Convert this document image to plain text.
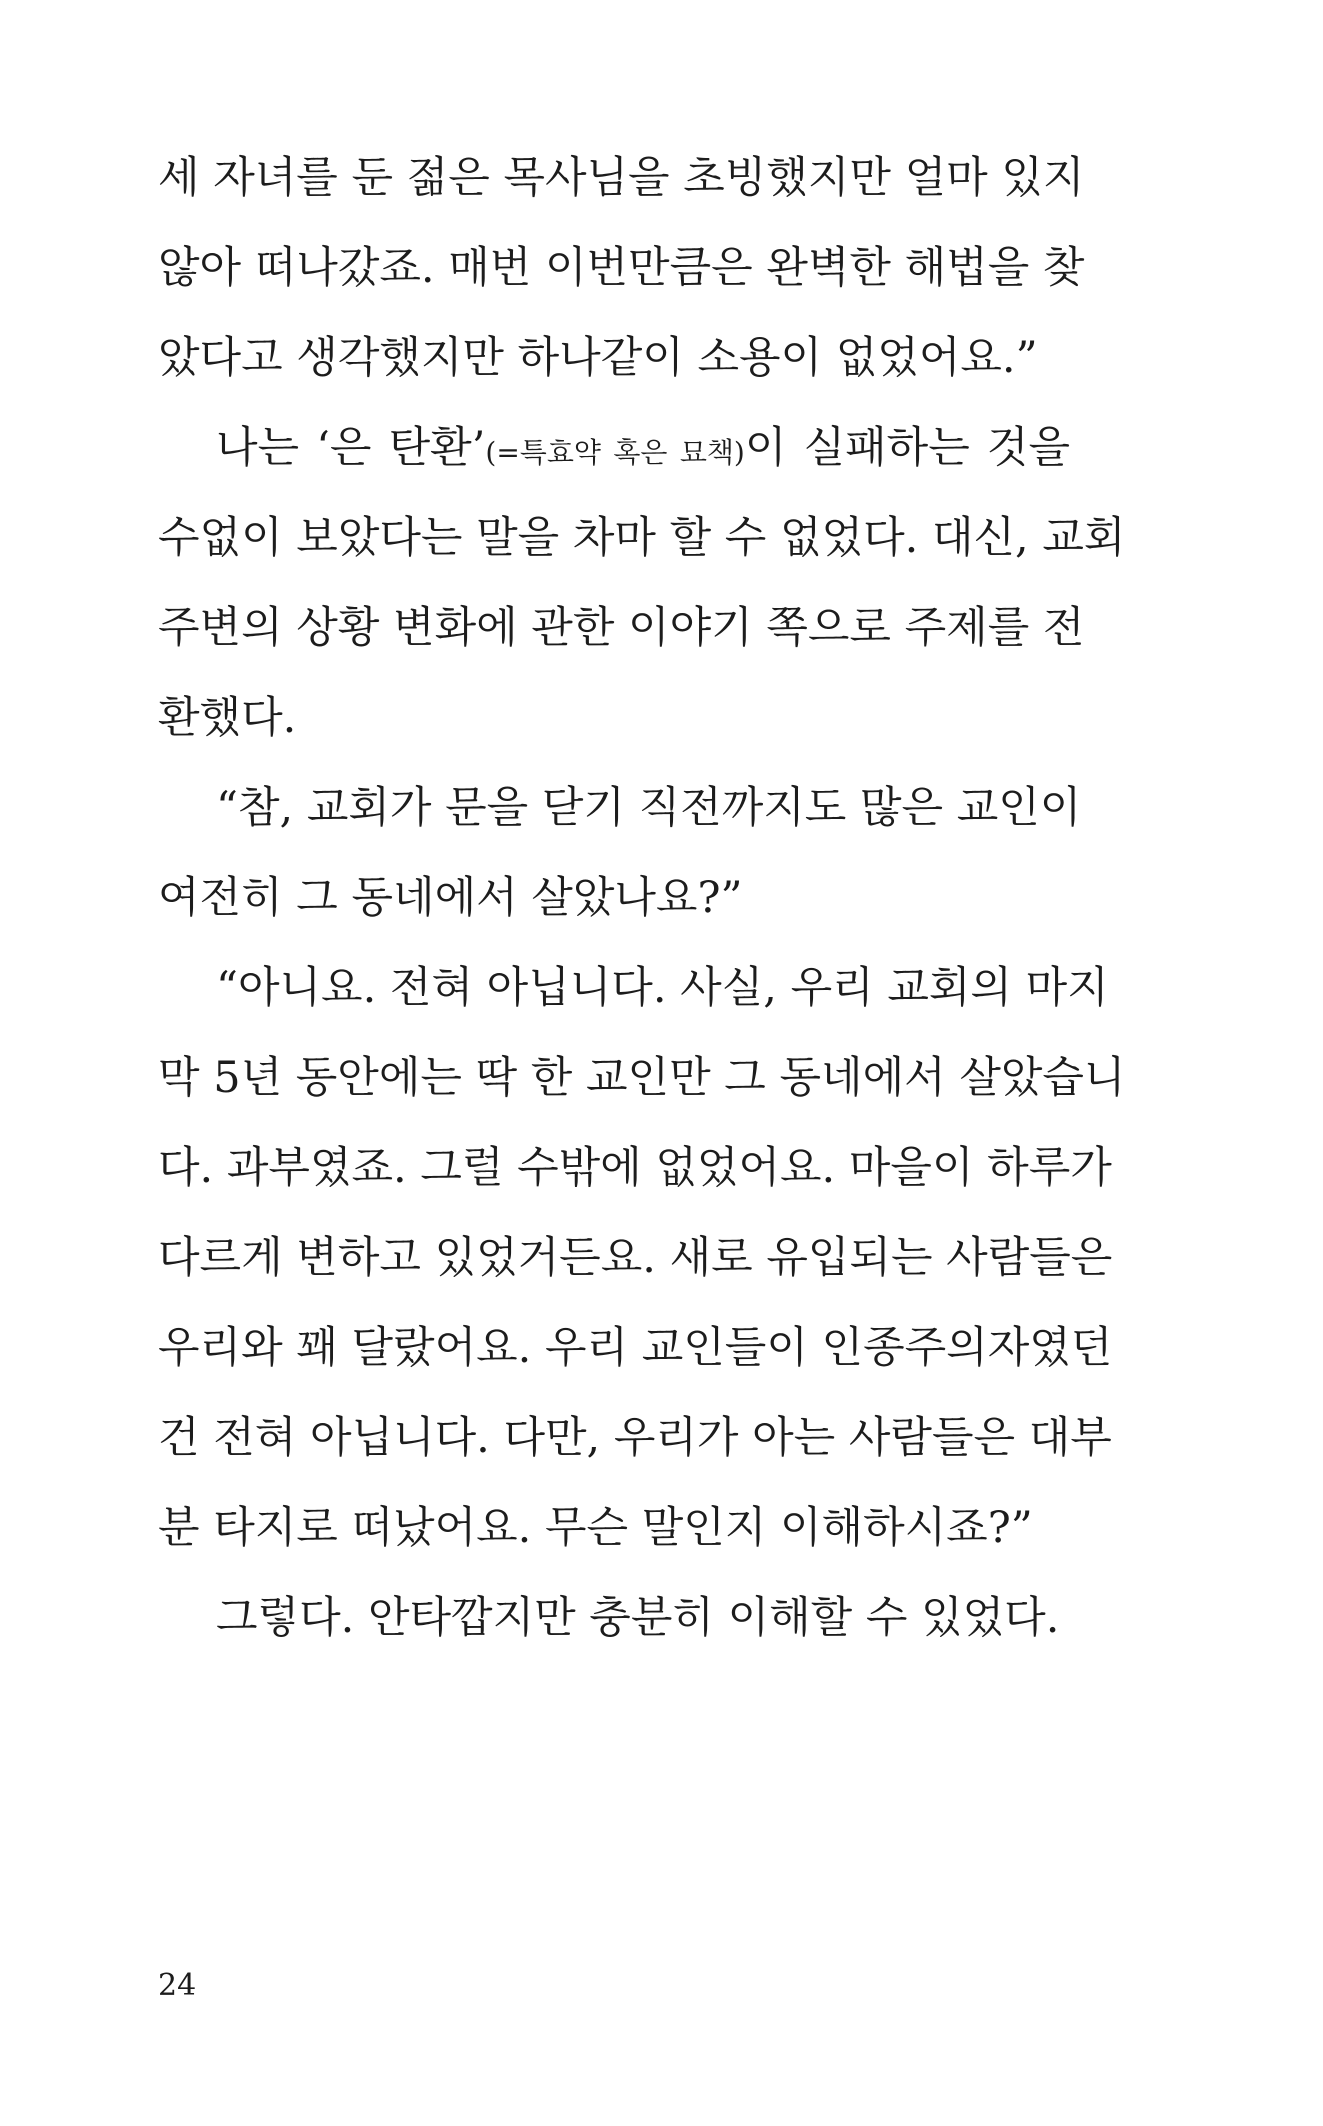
세 자녀를 둔 젊은 목사님을 초빙했지만 얼마 있지
않아 떠나갔죠. 매번 이번만큼은 완벽한 해법을 찾
았다고 생각했지만 하나같이 소용이 없었어요.”
나는 ‘은 탄환’(=특효약 혹은 묘책)이 실패하는 것을
수없이 보았다는 말을 차마 할 수 없었다. 대신, 교회
주변의 상황 변화에 관한 이야기 쪽으로 주제를 전
환했다.
“참, 교회가 문을 닫기 직전까지도 많은 교인이
여전히 그 동네에서 살았나요?”
“아니요. 전혀 아닙니다. 사실, 우리 교회의 마지
막 5년 동안에는 딱 한 교인만 그 동네에서 살았습니
다. 과부였죠. 그럴 수밖에 없었어요. 마을이 하루가
다르게 변하고 있었거든요. 새로 유입되는 사람들은
우리와 꽤 달랐어요. 우리 교인들이 인종주의자였던
건 전혀 아닙니다. 다만, 우리가 아는 사람들은 대부
분 타지로 떠났어요. 무슨 말인지 이해하시죠?”
그렇다. 안타깝지만 충분히 이해할 수 있었다.
24
